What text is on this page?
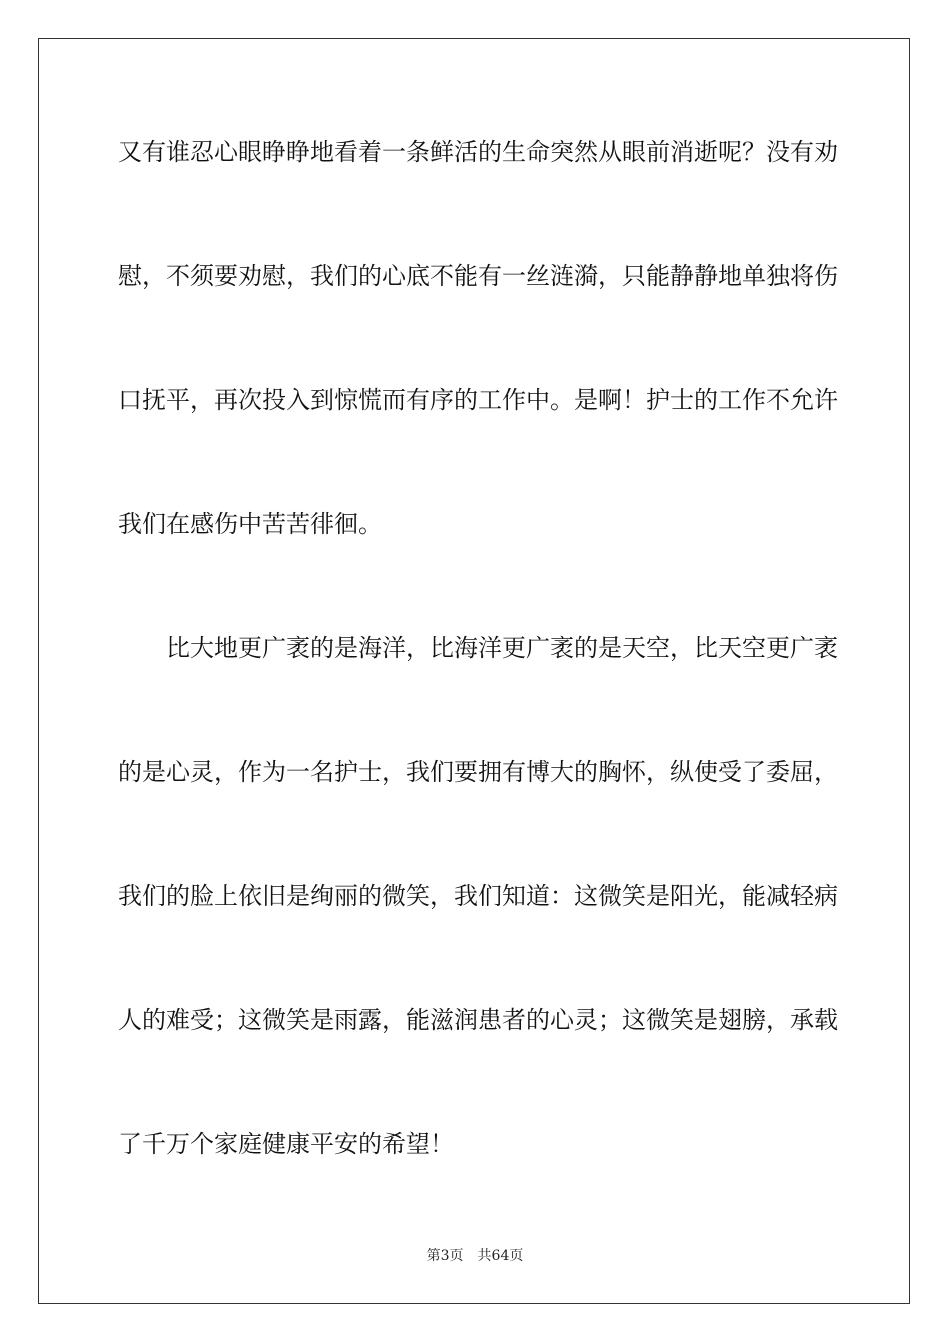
又有谁忍心眼睁睁地看着一条鲜活的生命突然从眼前消逝呢？没有劝
慰，不须要劝慰，我们的心底不能有一丝涟漪，只能静静地单独将伤
口抚平，再次投入到惊慌而有序的工作中。是啊！护士的工作不允许
我们在感伤中苦苦徘徊。
　　比大地更广袤的是海洋，比海洋更广袤的是天空，比天空更广袤
的是心灵，作为一名护士，我们要拥有博大的胸怀，纵使受了委屈，
我们的脸上依旧是绚丽的微笑，我们知道：这微笑是阳光，能减轻病
人的难受；这微笑是雨露，能滋润患者的心灵；这微笑是翅膀，承载
了千万个家庭健康平安的希望！
第3页 共64页
